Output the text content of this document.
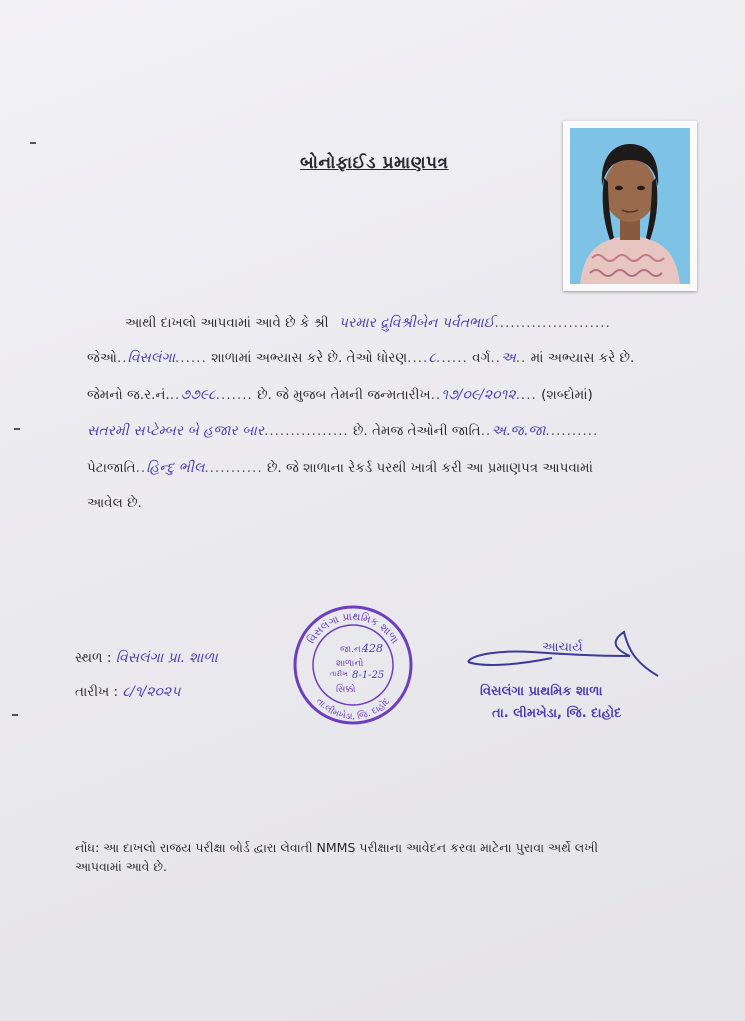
બોનોફાઈડ પ્રમાણપત્ર
આથી દાખલો આપવામાં આવે છે કે શ્રી પરમાર દ્રુવિશ્રીબેન પર્વતભાઈ......................
જેઓ..વિસલંગા...... શાળામાં અભ્યાસ કરે છે. તેઓ ધોરણ....૮...... વર્ગ..અ.. માં અભ્યાસ કરે છે.
જેમનો જ.ર.નં...૭૭૯૮....... છે. જે મુજબ તેમની જન્મતારીખ..૧૭/૦૯/૨૦૧૨.... (શબ્દોમાં)
સતરમી સપ્ટેમ્બર બે હજાર બાર................ છે. તેમજ તેઓની જાતિ..અ.જ.જા..........
પેટાજાતિ..હિન્દુ ભીલ........... છે. જે શાળાના રેકર્ડ પરથી ખાત્રી કરી આ પ્રમાણપત્ર આપવામાં
આવેલ છે.
સ્થળ : વિસલંગા પ્રા. શાળા
તારીખ : ૮/૧/૨૦૨૫
વિસલંગા પ્રાથમિક શાળા
તા.લીમખેડા, જિ. દાહોદ
જા.ન.
428
શાળાનો
તારીખ 8-1-25
સિક્કો
આચાર્ય
વિસલંગા પ્રાથમિક શાળા
તા. લીમખેડા, જિ. દાહોદ
નોંધ: આ દાખલો રાજય પરીક્ષા બોર્ડ દ્વારા લેવાતી NMMS પરીક્ષાના આવેદન કરવા માટેના પુરાવા અર્થે લખી
આપવામાં આવે છે.
